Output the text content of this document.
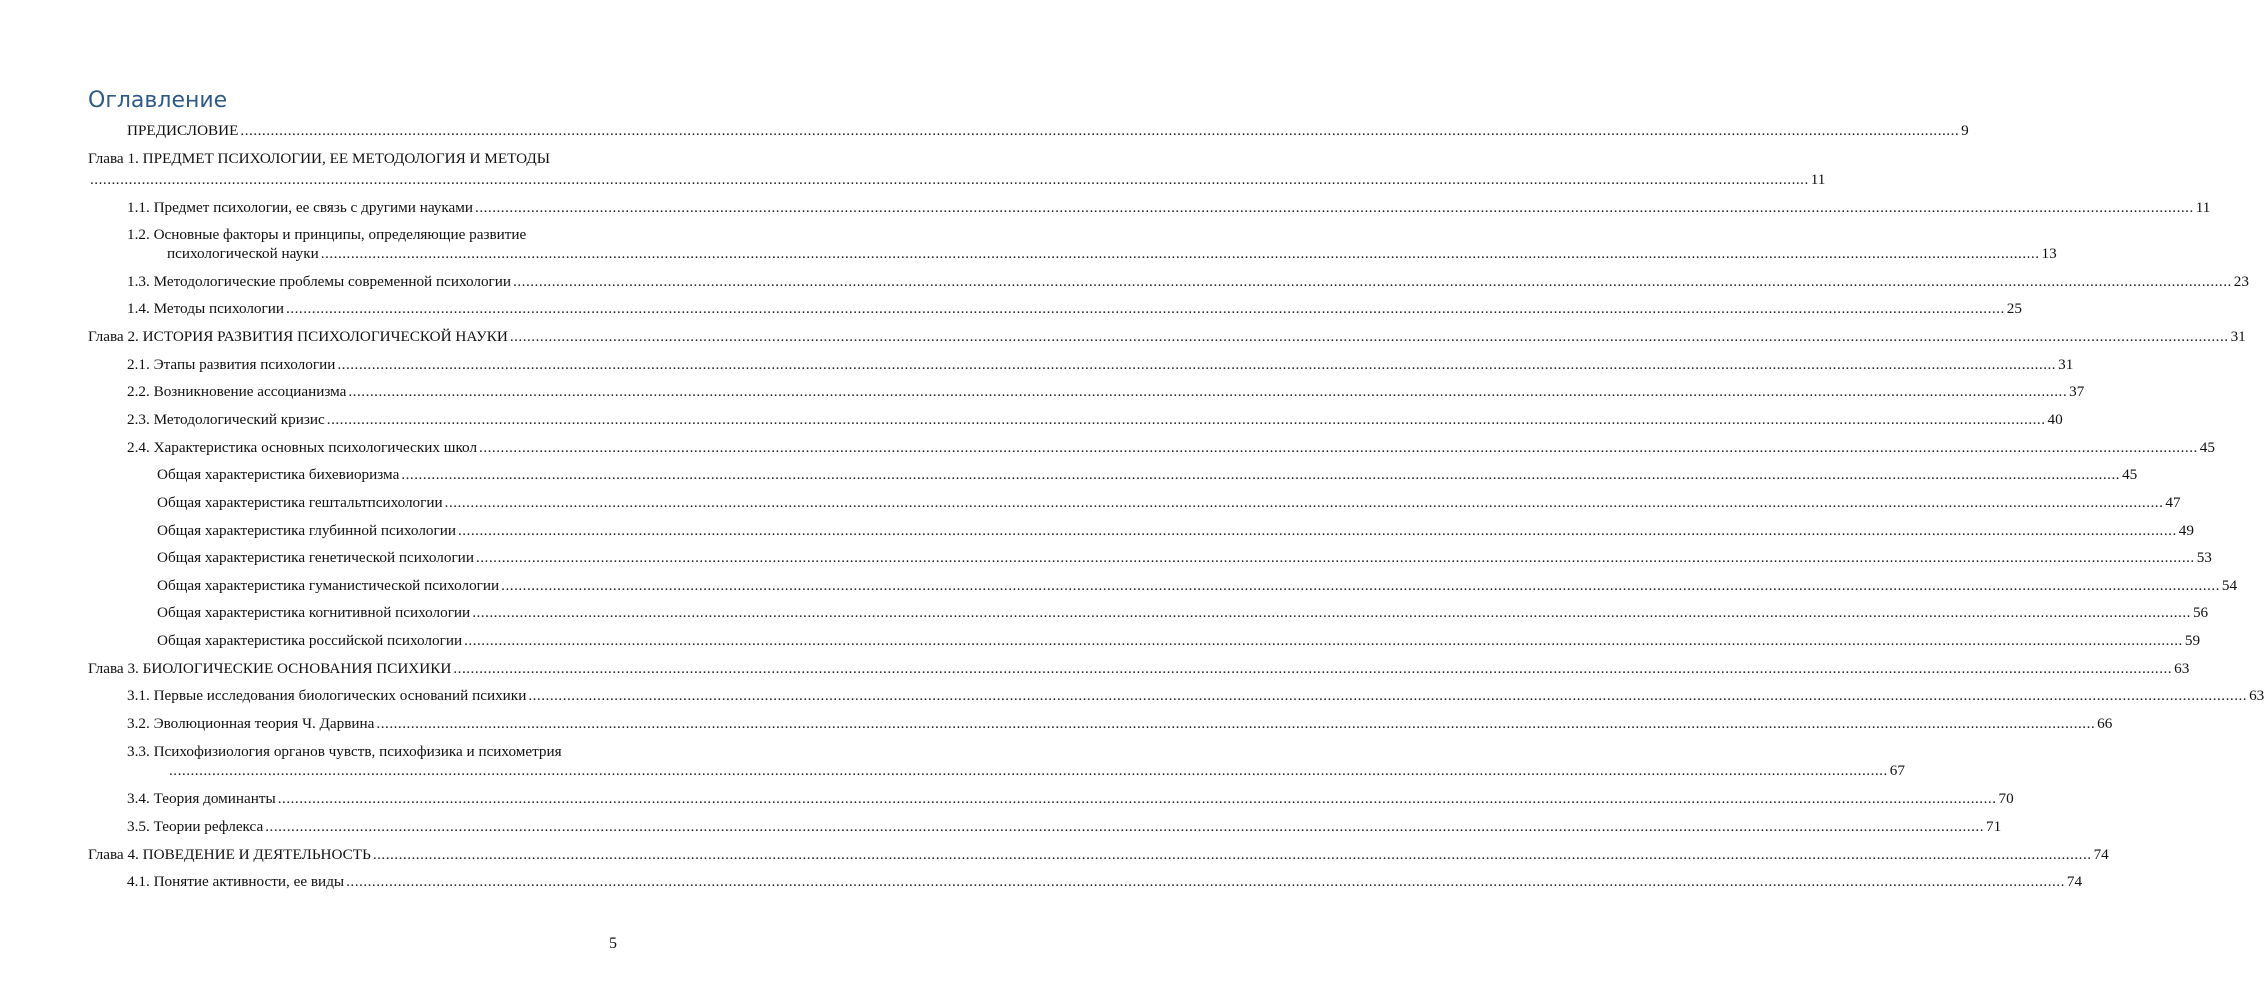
Оглавление
ПРЕДИСЛОВИЕ ................................................................................................................................................................................................................................................................................................................................................................................................................ 9
Глава 1. ПРЕДМЕТ ПСИХОЛОГИИ, ЕЕ МЕТОДОЛОГИЯ И МЕТОДЫ
................................................................................................................................................................................................................................................................................................................................................................................................................ 11
1.1. Предмет психологии, ее связь с другими науками ................................................................................................................................................................................................................................................................................................................................................................................................................ 11
1.2. Основные факторы и принципы, определяющие развитие
психологической науки ................................................................................................................................................................................................................................................................................................................................................................................................................ 13
1.3. Методологические проблемы современной психологии ................................................................................................................................................................................................................................................................................................................................................................................................................ 23
1.4. Методы психологии ................................................................................................................................................................................................................................................................................................................................................................................................................ 25
Глава 2. ИСТОРИЯ РАЗВИТИЯ ПСИХОЛОГИЧЕСКОЙ НАУКИ ................................................................................................................................................................................................................................................................................................................................................................................................................ 31
2.1. Этапы развития психологии ................................................................................................................................................................................................................................................................................................................................................................................................................ 31
2.2. Возникновение ассоцианизма ................................................................................................................................................................................................................................................................................................................................................................................................................ 37
2.3. Методологический кризис ................................................................................................................................................................................................................................................................................................................................................................................................................ 40
2.4. Характеристика основных психологических школ ................................................................................................................................................................................................................................................................................................................................................................................................................ 45
Общая характеристика бихевиоризма ................................................................................................................................................................................................................................................................................................................................................................................................................ 45
Общая характеристика гештальтпсихологии ................................................................................................................................................................................................................................................................................................................................................................................................................ 47
Общая характеристика глубинной психологии ................................................................................................................................................................................................................................................................................................................................................................................................................ 49
Общая характеристика генетической психологии ................................................................................................................................................................................................................................................................................................................................................................................................................ 53
Общая характеристика гуманистической психологии ................................................................................................................................................................................................................................................................................................................................................................................................................ 54
Общая характеристика когнитивной психологии ................................................................................................................................................................................................................................................................................................................................................................................................................ 56
Общая характеристика российской психологии ................................................................................................................................................................................................................................................................................................................................................................................................................ 59
Глава 3. БИОЛОГИЧЕСКИЕ ОСНОВАНИЯ ПСИХИКИ ................................................................................................................................................................................................................................................................................................................................................................................................................ 63
3.1. Первые исследования биологических оснований психики ................................................................................................................................................................................................................................................................................................................................................................................................................ 63
3.2. Эволюционная теория Ч. Дарвина ................................................................................................................................................................................................................................................................................................................................................................................................................ 66
3.3. Психофизиология органов чувств, психофизика и психометрия
................................................................................................................................................................................................................................................................................................................................................................................................................ 67
3.4. Теория доминанты ................................................................................................................................................................................................................................................................................................................................................................................................................ 70
3.5. Теории рефлекса ................................................................................................................................................................................................................................................................................................................................................................................................................ 71
Глава 4. ПОВЕДЕНИЕ И ДЕЯТЕЛЬНОСТЬ ................................................................................................................................................................................................................................................................................................................................................................................................................ 74
4.1. Понятие активности, ее виды ................................................................................................................................................................................................................................................................................................................................................................................................................ 74
5
